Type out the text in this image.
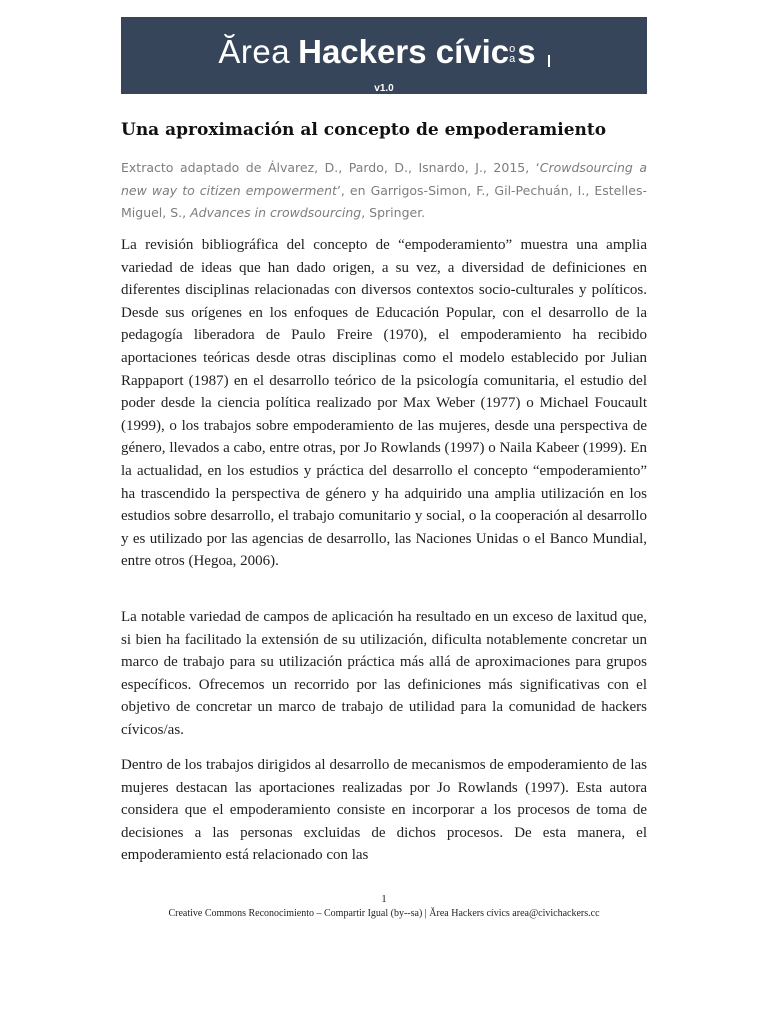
Ărea Hackers cívic o
a s
v1.0
Una aproximación al concepto de empoderamiento

Extracto adaptado de Álvarez, D., Pardo, D., Isnardo, J., 2015, ‘Crowdsourcing a new way to citizen empowerment’, en Garrigos-Simon, F., Gil-Pechuán, I., Estelles-Miguel, S., Advances in crowdsourcing, Springer.

La revisión bibliográfica del concepto de “empoderamiento” muestra una amplia variedad de ideas que han dado origen, a su vez, a diversidad de definiciones en diferentes disciplinas relacionadas con diversos contextos socio-culturales y políticos. Desde sus orígenes en los enfoques de Educación Popular, con el desarrollo de la pedagogía liberadora de Paulo Freire (1970), el empoderamiento ha recibido aportaciones teóricas desde otras disciplinas como el modelo establecido por Julian Rappaport (1987) en el desarrollo teórico de la psicología comunitaria, el estudio del poder desde la ciencia política realizado por Max Weber (1977) o Michael Foucault (1999), o los trabajos sobre empoderamiento de las mujeres, desde una perspectiva de género, llevados a cabo, entre otras, por Jo Rowlands (1997) o Naila Kabeer (1999). En la actualidad, en los estudios y práctica del desarrollo el concepto “empoderamiento” ha trascendido la perspectiva de género y ha adquirido una amplia utilización en los estudios sobre desarrollo, el trabajo comunitario y social, o la cooperación al desarrollo y es utilizado por las agencias de desarrollo, las Naciones Unidas o el Banco Mundial, entre otros (Hegoa, 2006).

La notable variedad de campos de aplicación ha resultado en un exceso de laxitud que, si bien ha facilitado la extensión de su utilización, dificulta notablemente concretar un marco de trabajo para su utilización práctica más allá de aproximaciones para grupos específicos. Ofrecemos un recorrido por las definiciones más significativas con el objetivo de concretar un marco de trabajo de utilidad para la comunidad de hackers cívicos/as.

Dentro de los trabajos dirigidos al desarrollo de mecanismos de empoderamiento de las mujeres destacan las aportaciones realizadas por Jo Rowlands (1997). Esta autora considera que el empoderamiento consiste en incorporar a los procesos de toma de decisiones a las personas excluidas de dichos procesos. De esta manera, el empoderamiento está relacionado con las

1
Creative Commons Reconocimiento – Compartir Igual (by--sa) | Ărea Hackers cívics area@civichackers.cc
